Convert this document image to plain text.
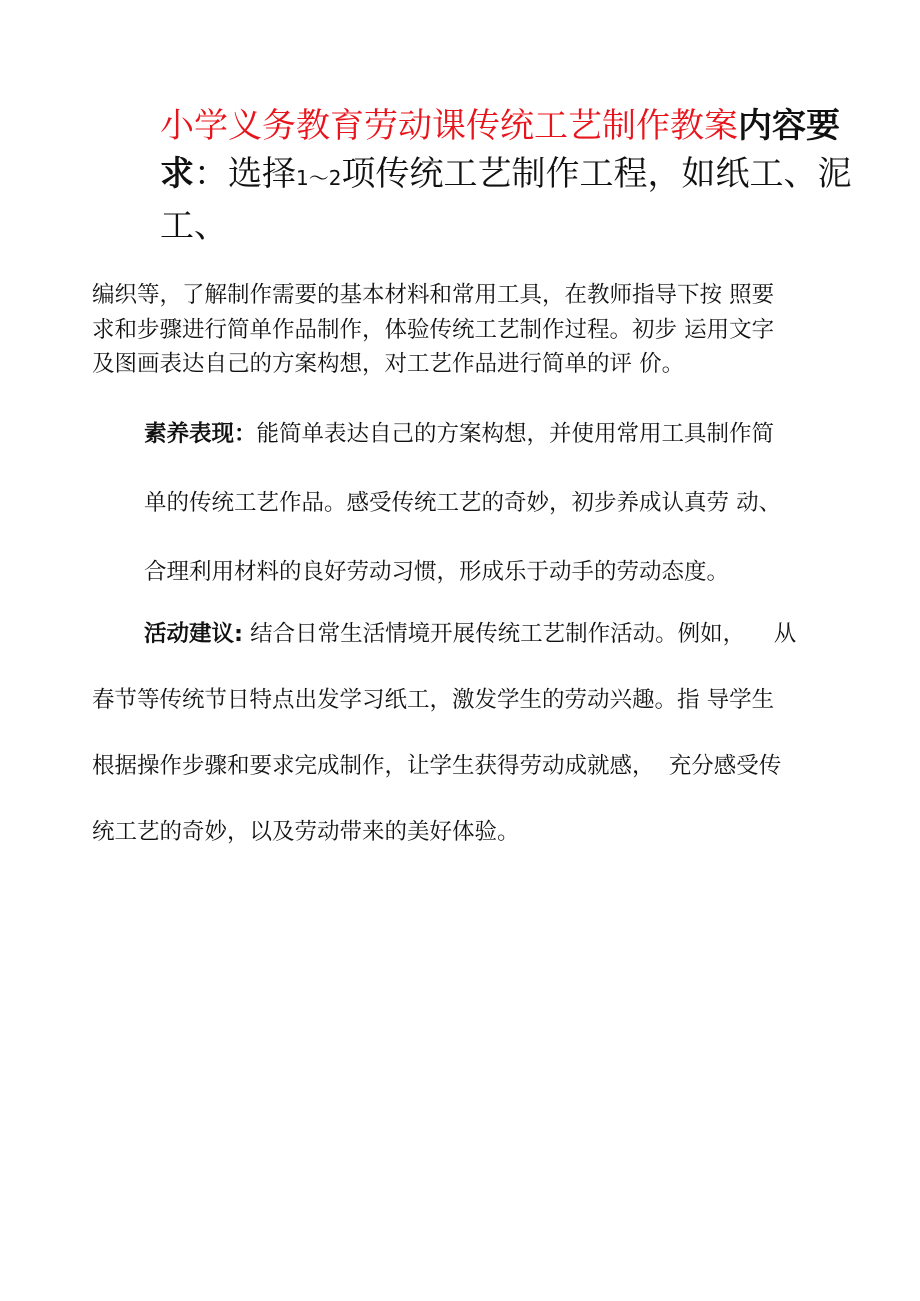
小学义务教育劳动课传统工艺制作教案内容要求：选择1～2项传统工艺制作工程，如纸工、泥工、
编织等，了解制作需要的基本材料和常用工具，在教师指导下按 照要
求和步骤进行简单作品制作，体验传统工艺制作过程。初步 运用文字
及图画表达自己的方案构想，对工艺作品进行简单的评 价。
素养表现：能简单表达自己的方案构想，并使用常用工具制作简
单的传统工艺作品。感受传统工艺的奇妙，初步养成认真劳 动、
合理利用材料的良好劳动习惯，形成乐于动手的劳动态度。
活动建议: 结合日常生活情境开展传统工艺制作活动。例如，    从
春节等传统节日特点出发学习纸工，激发学生的劳动兴趣。指 导学生
根据操作步骤和要求完成制作，让学生获得劳动成就感，  充分感受传
统工艺的奇妙，以及劳动带来的美好体验。
